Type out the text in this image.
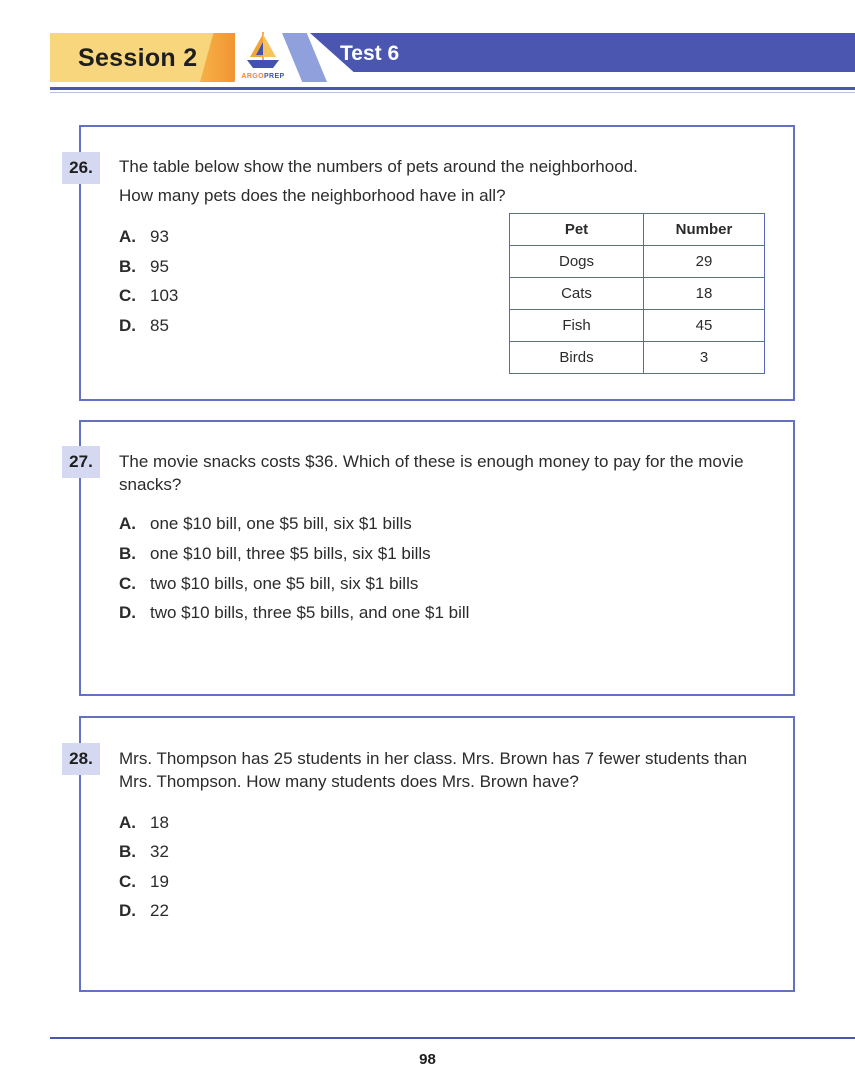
Session 2
ARGOPREP
Test 6
26.	The table below show the numbers of pets around the neighborhood.
How many pets does the neighborhood have in all?
A. 93
B. 95
C. 103
D. 85
Pet	Number
Dogs	29
Cats	18
Fish	45
Birds	3
27.	The movie snacks costs $36. Which of these is enough money to pay for the movie snacks?
A. one $10 bill, one $5 bill, six $1 bills
B. one $10 bill, three $5 bills, six $1 bills
C. two $10 bills, one $5 bill, six $1 bills
D. two $10 bills, three $5 bills, and one $1 bill
28.	Mrs. Thompson has 25 students in her class. Mrs. Brown has 7 fewer students than Mrs. Thompson. How many students does Mrs. Brown have?
A. 18
B. 32
C. 19
D. 22
98
